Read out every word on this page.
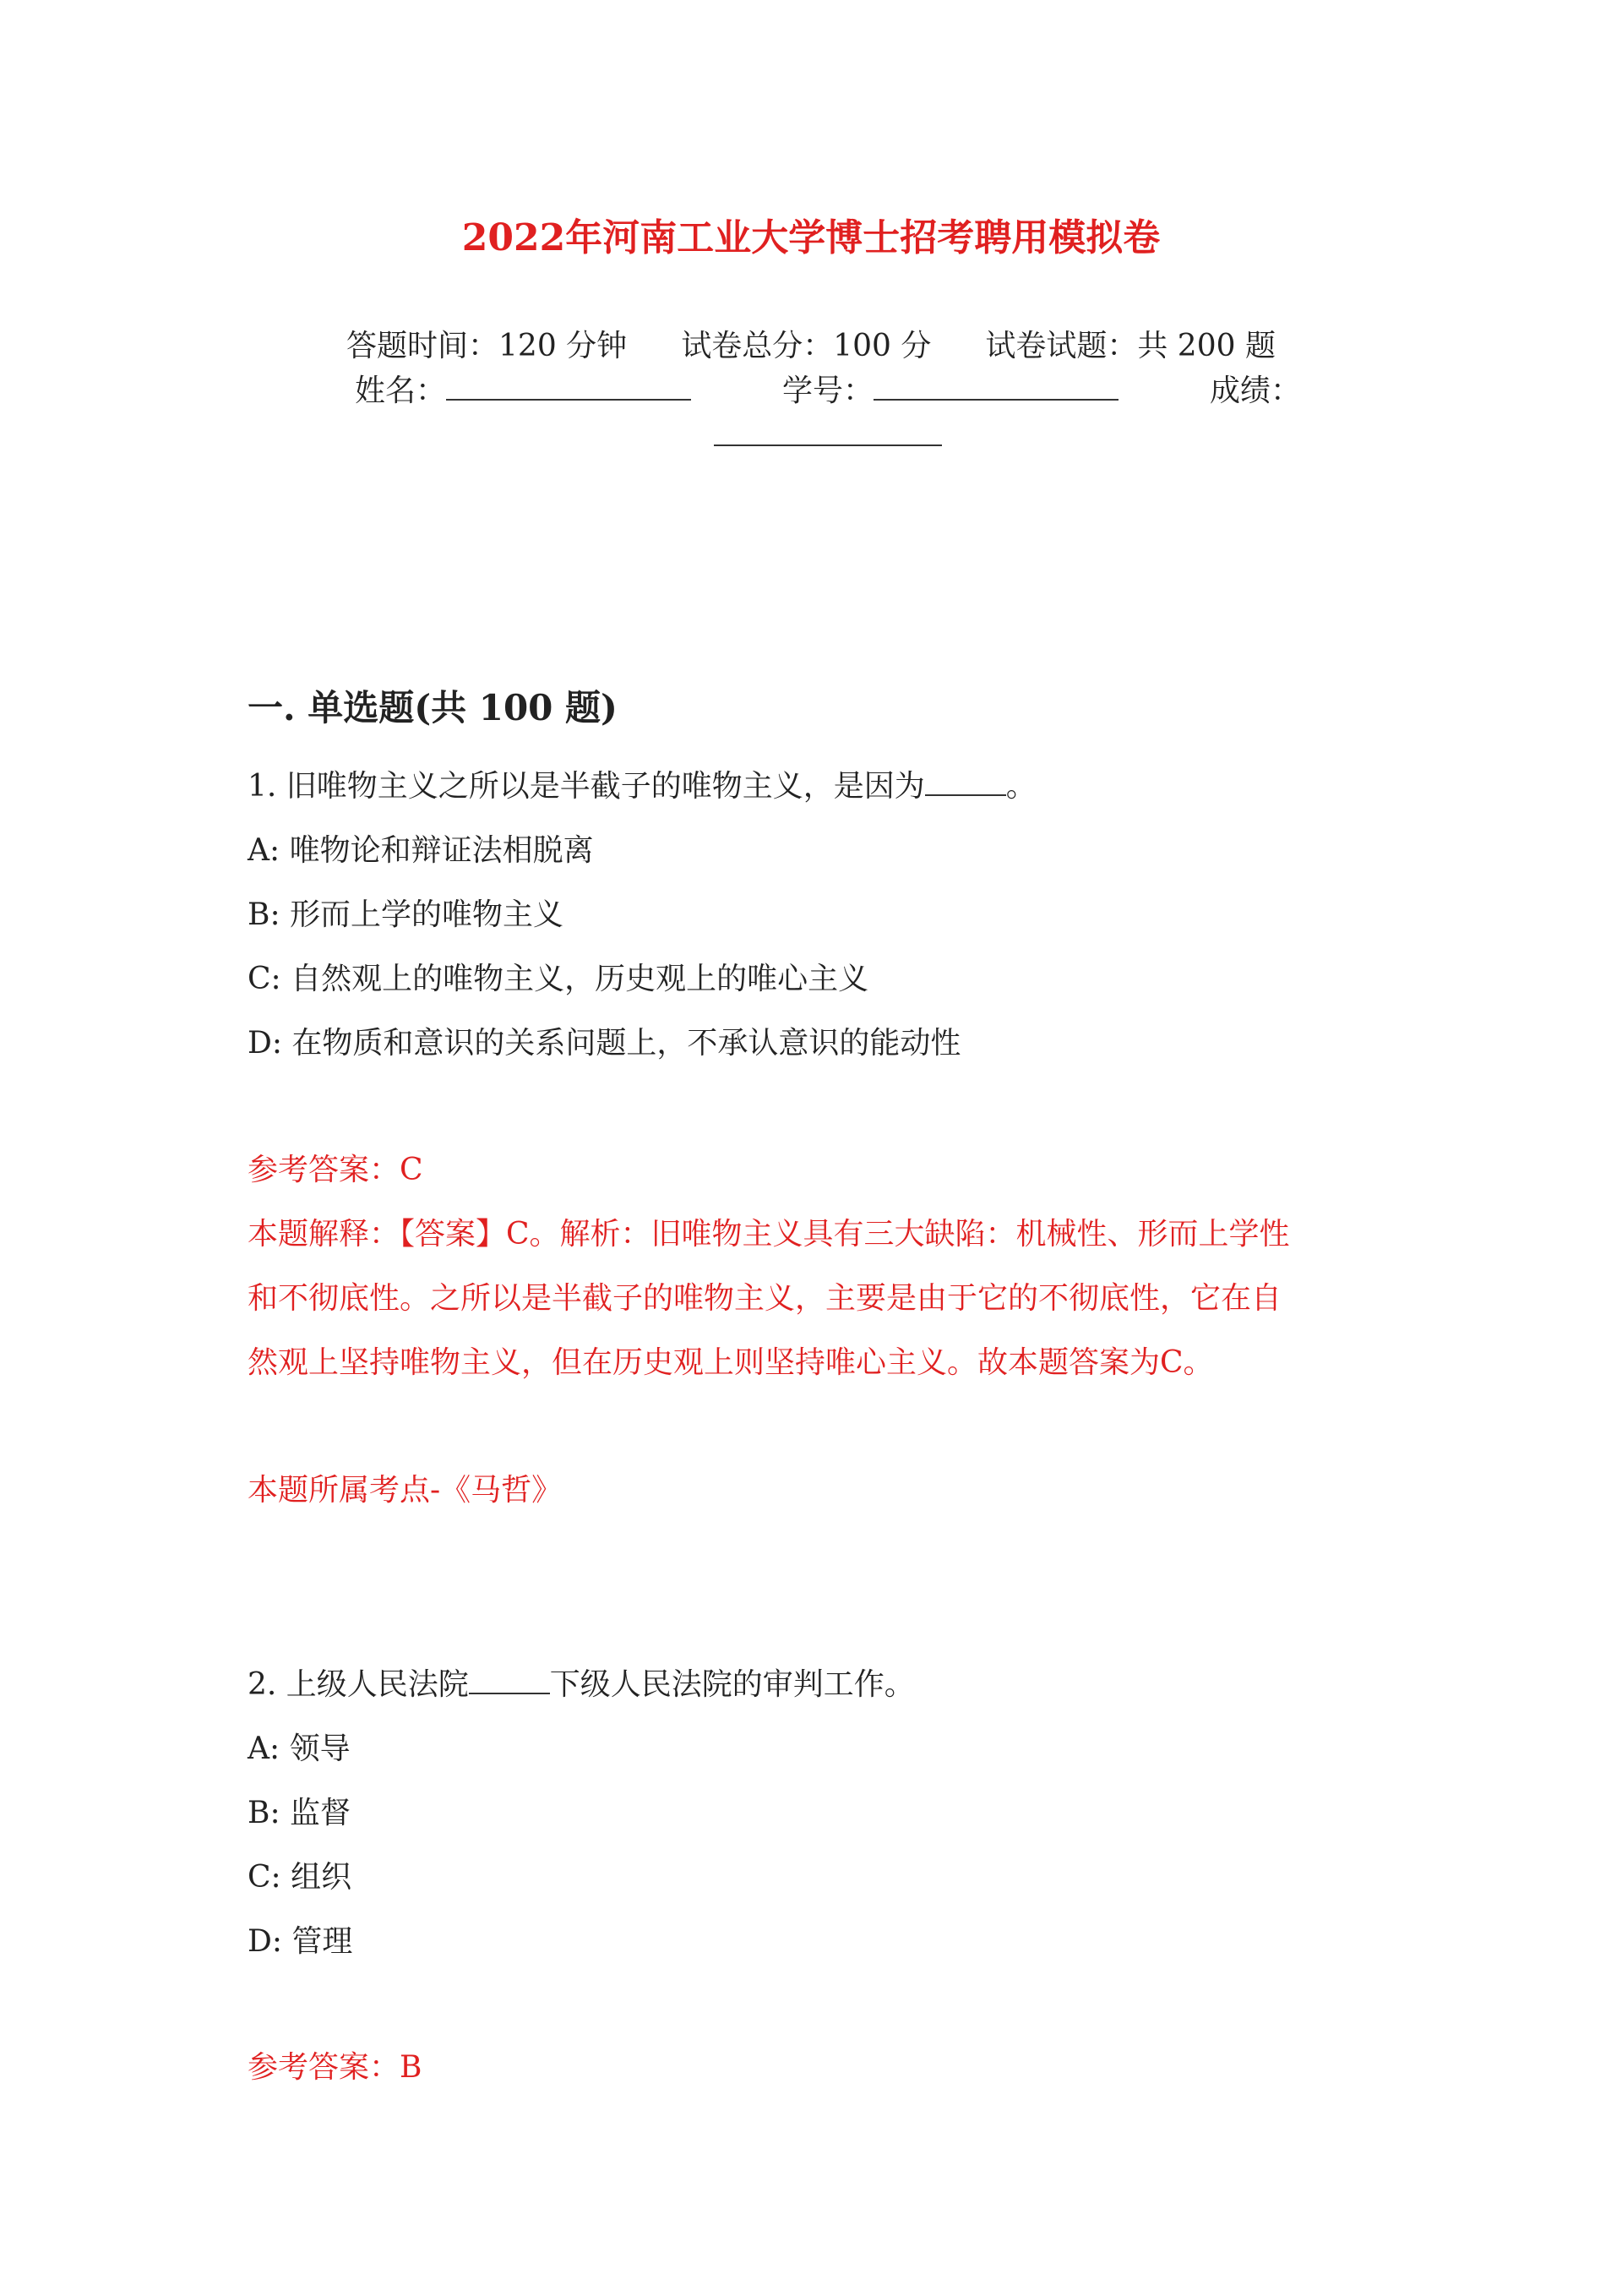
2022年河南工业大学博士招考聘用模拟卷
答题时间：120 分钟 试卷总分：100 分 试卷试题：共 200 题
姓名：	学号：	成绩：
一. 单选题(共 100 题)
1. 旧唯物主义之所以是半截子的唯物主义，是因为	。
A: 唯物论和辩证法相脱离
B: 形而上学的唯物主义
C: 自然观上的唯物主义，历史观上的唯心主义
D: 在物质和意识的关系问题上，不承认意识的能动性
参考答案：C
本题解释：【答案】C。解析：旧唯物主义具有三大缺陷：机械性、形而上学性
和不彻底性。之所以是半截子的唯物主义，主要是由于它的不彻底性，它在自
然观上坚持唯物主义，但在历史观上则坚持唯心主义。故本题答案为C。
本题所属考点-《马哲》
2. 上级人民法院	下级人民法院的审判工作。
A: 领导
B: 监督
C: 组织
D: 管理
参考答案：B
